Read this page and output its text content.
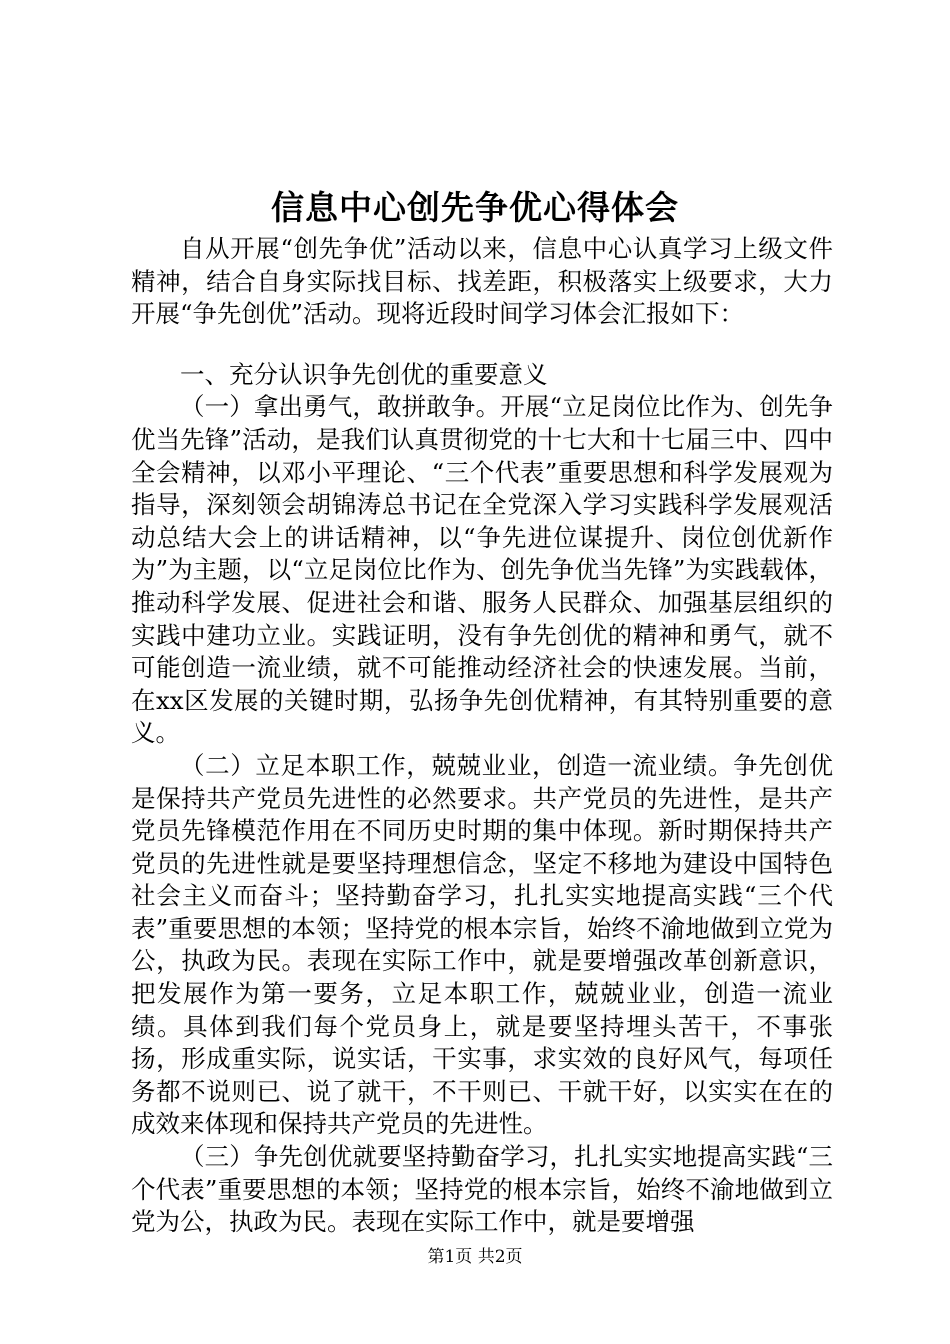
信息中心创先争优心得体会

自从开展“创先争优”活动以来，信息中心认真学习上级文件精神，结合自身实际找目标、找差距，积极落实上级要求，大力开展“争先创优”活动。现将近段时间学习体会汇报如下：

一、充分认识争先创优的重要意义

（一）拿出勇气，敢拼敢争。开展“立足岗位比作为、创先争优当先锋”活动，是我们认真贯彻党的十七大和十七届三中、四中全会精神，以邓小平理论、“三个代表”重要思想和科学发展观为指导，深刻领会胡锦涛总书记在全党深入学习实践科学发展观活动总结大会上的讲话精神，以“争先进位谋提升、岗位创优新作为”为主题，以“立足岗位比作为、创先争优当先锋”为实践载体，推动科学发展、促进社会和谐、服务人民群众、加强基层组织的实践中建功立业。实践证明，没有争先创优的精神和勇气，就不可能创造一流业绩，就不可能推动经济社会的快速发展。当前，在xx区发展的关键时期，弘扬争先创优精神，有其特别重要的意义。

（二）立足本职工作，兢兢业业，创造一流业绩。争先创优是保持共产党员先进性的必然要求。共产党员的先进性，是共产党员先锋模范作用在不同历史时期的集中体现。新时期保持共产党员的先进性就是要坚持理想信念，坚定不移地为建设中国特色社会主义而奋斗；坚持勤奋学习，扎扎实实地提高实践“三个代表”重要思想的本领；坚持党的根本宗旨，始终不渝地做到立党为公，执政为民。表现在实际工作中，就是要增强改革创新意识，把发展作为第一要务，立足本职工作，兢兢业业，创造一流业绩。具体到我们每个党员身上，就是要坚持埋头苦干，不事张扬，形成重实际，说实话，干实事，求实效的良好风气，每项任务都不说则已、说了就干，不干则已、干就干好，以实实在在的成效来体现和保持共产党员的先进性。

（三）争先创优就要坚持勤奋学习，扎扎实实地提高实践“三个代表”重要思想的本领；坚持党的根本宗旨，始终不渝地做到立党为公，执政为民。表现在实际工作中，就是要增强

第1页 共2页
